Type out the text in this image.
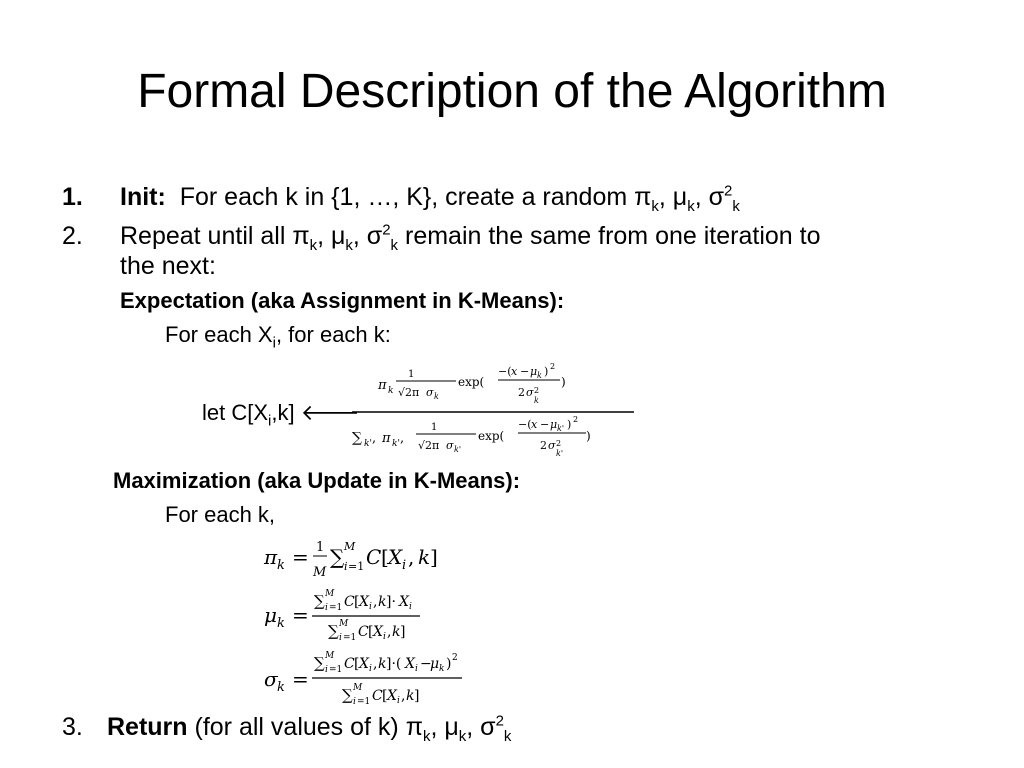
Formal Description of the Algorithm
1. Init: For each k in {1, …, K}, create a random $\pi_k$, $\mu_k$, $\sigma^2_k$
2. Repeat until all $\pi_k$, $\mu_k$, $\sigma^2_k$ remain the same from one iteration to
the next:
Expectation (aka Assignment in K-Means):
For each $X_i$, for each k:
let $C[X_i,k]$ 🡐
π k
1
√2π σ k
exp(
−( x − μ k ) 2
2 σ 2
k
)
∑ k' , π k' ,
1
√2π σ k'
exp(
−( x − μ k' ) 2
2 σ 2
k'
)
Maximization (aka Update in K-Means):
For each k,
π k = 1
M
∑ M
i =1 C [ X i , k ]
μ k =
∑ M
i =1 C [ X i , k ]· X i
∑ M
i =1 C [ X i , k ]
σ k =
∑ M
i =1 C [ X i , k ]·( X i −
μ k ) 2
∑ M
i =1 C [ X i , k ]
3. Return (for all values of k) $\pi_k$, $\mu_k$, $\sigma^2_k$
